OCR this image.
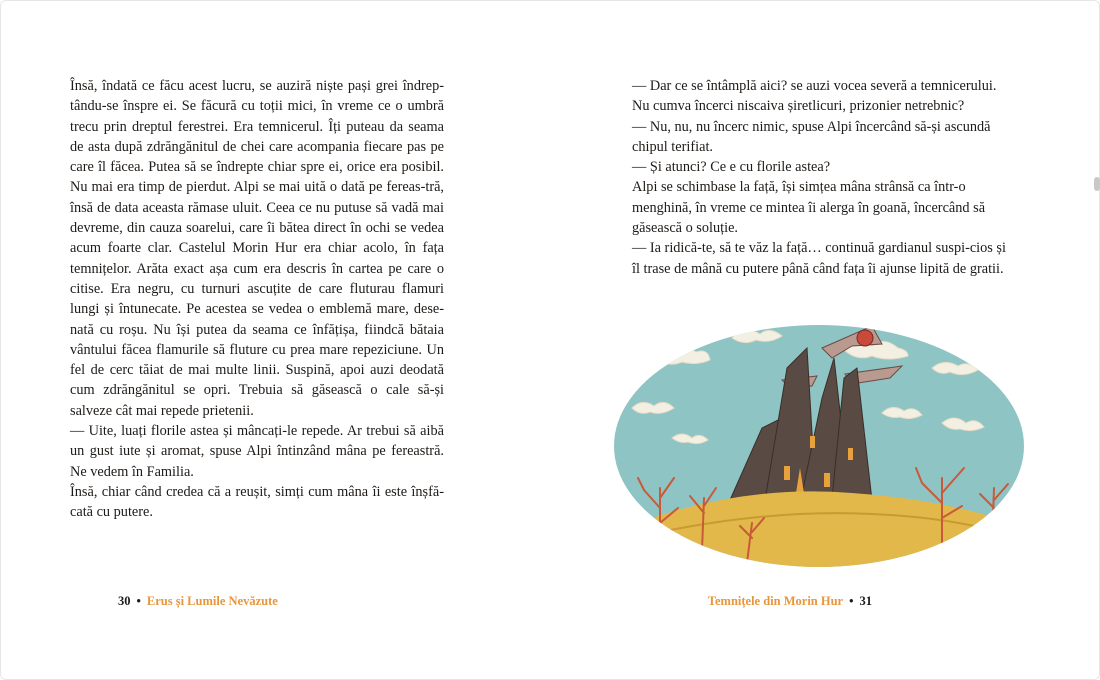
Însă, îndată ce făcu acest lucru, se auziră niște pași grei îndrep-tându-se înspre ei. Se făcură cu toții mici, în vreme ce o umbră trecu prin dreptul ferestrei. Era temnicerul. Îți puteau da seama de asta după zdrăngănitul de chei care acompania fiecare pas pe care îl făcea. Putea să se îndrepte chiar spre ei, orice era posibil. Nu mai era timp de pierdut. Alpi se mai uită o dată pe fereas-tră, însă de data aceasta rămase uluit. Ceea ce nu putuse să vadă mai devreme, din cauza soarelui, care îi bătea direct în ochi se vedea acum foarte clar. Castelul Morin Hur era chiar acolo, în fața temnițelor. Arăta exact așa cum era descris în cartea pe care o citise. Era negru, cu turnuri ascuțite de care fluturau flamuri lungi și întunecate. Pe acestea se vedea o emblemă mare, dese-nată cu roșu. Nu își putea da seama ce înfățișa, fiindcă bătaia vântului făcea flamurile să fluture cu prea mare repeziciune. Un fel de cerc tăiat de mai multe linii. Suspină, apoi auzi deodată cum zdrăngănitul se opri. Trebuia să găsească o cale să-și salveze cât mai repede prietenii.
— Uite, luați florile astea și mâncați-le repede. Ar trebui să aibă un gust iute și aromat, spuse Alpi întinzând mâna pe fereastră. Ne vedem în Familia.
Însă, chiar când credea că a reușit, simți cum mâna îi este înșfă-cată cu putere.
30 • Erus și Lumile Nevăzute
— Dar ce se întâmplă aici? se auzi vocea severă a temnicerului. Nu cumva încerci niscaiva șiretlicuri, prizonier netrebnic?
— Nu, nu, nu încerc nimic, spuse Alpi încercând să-și ascundă chipul terifiat.
— Și atunci? Ce e cu florile astea?
Alpi se schimbase la față, își simțea mâna strânsă ca într-o menghină, în vreme ce mintea îi alerga în goană, încercând să găsească o soluție.
— Ia ridică-te, să te văz la față… continuă gardianul suspi-cios și îl trase de mână cu putere până când fața îi ajunse lipită de gratii.
Temnițele din Morin Hur • 31
